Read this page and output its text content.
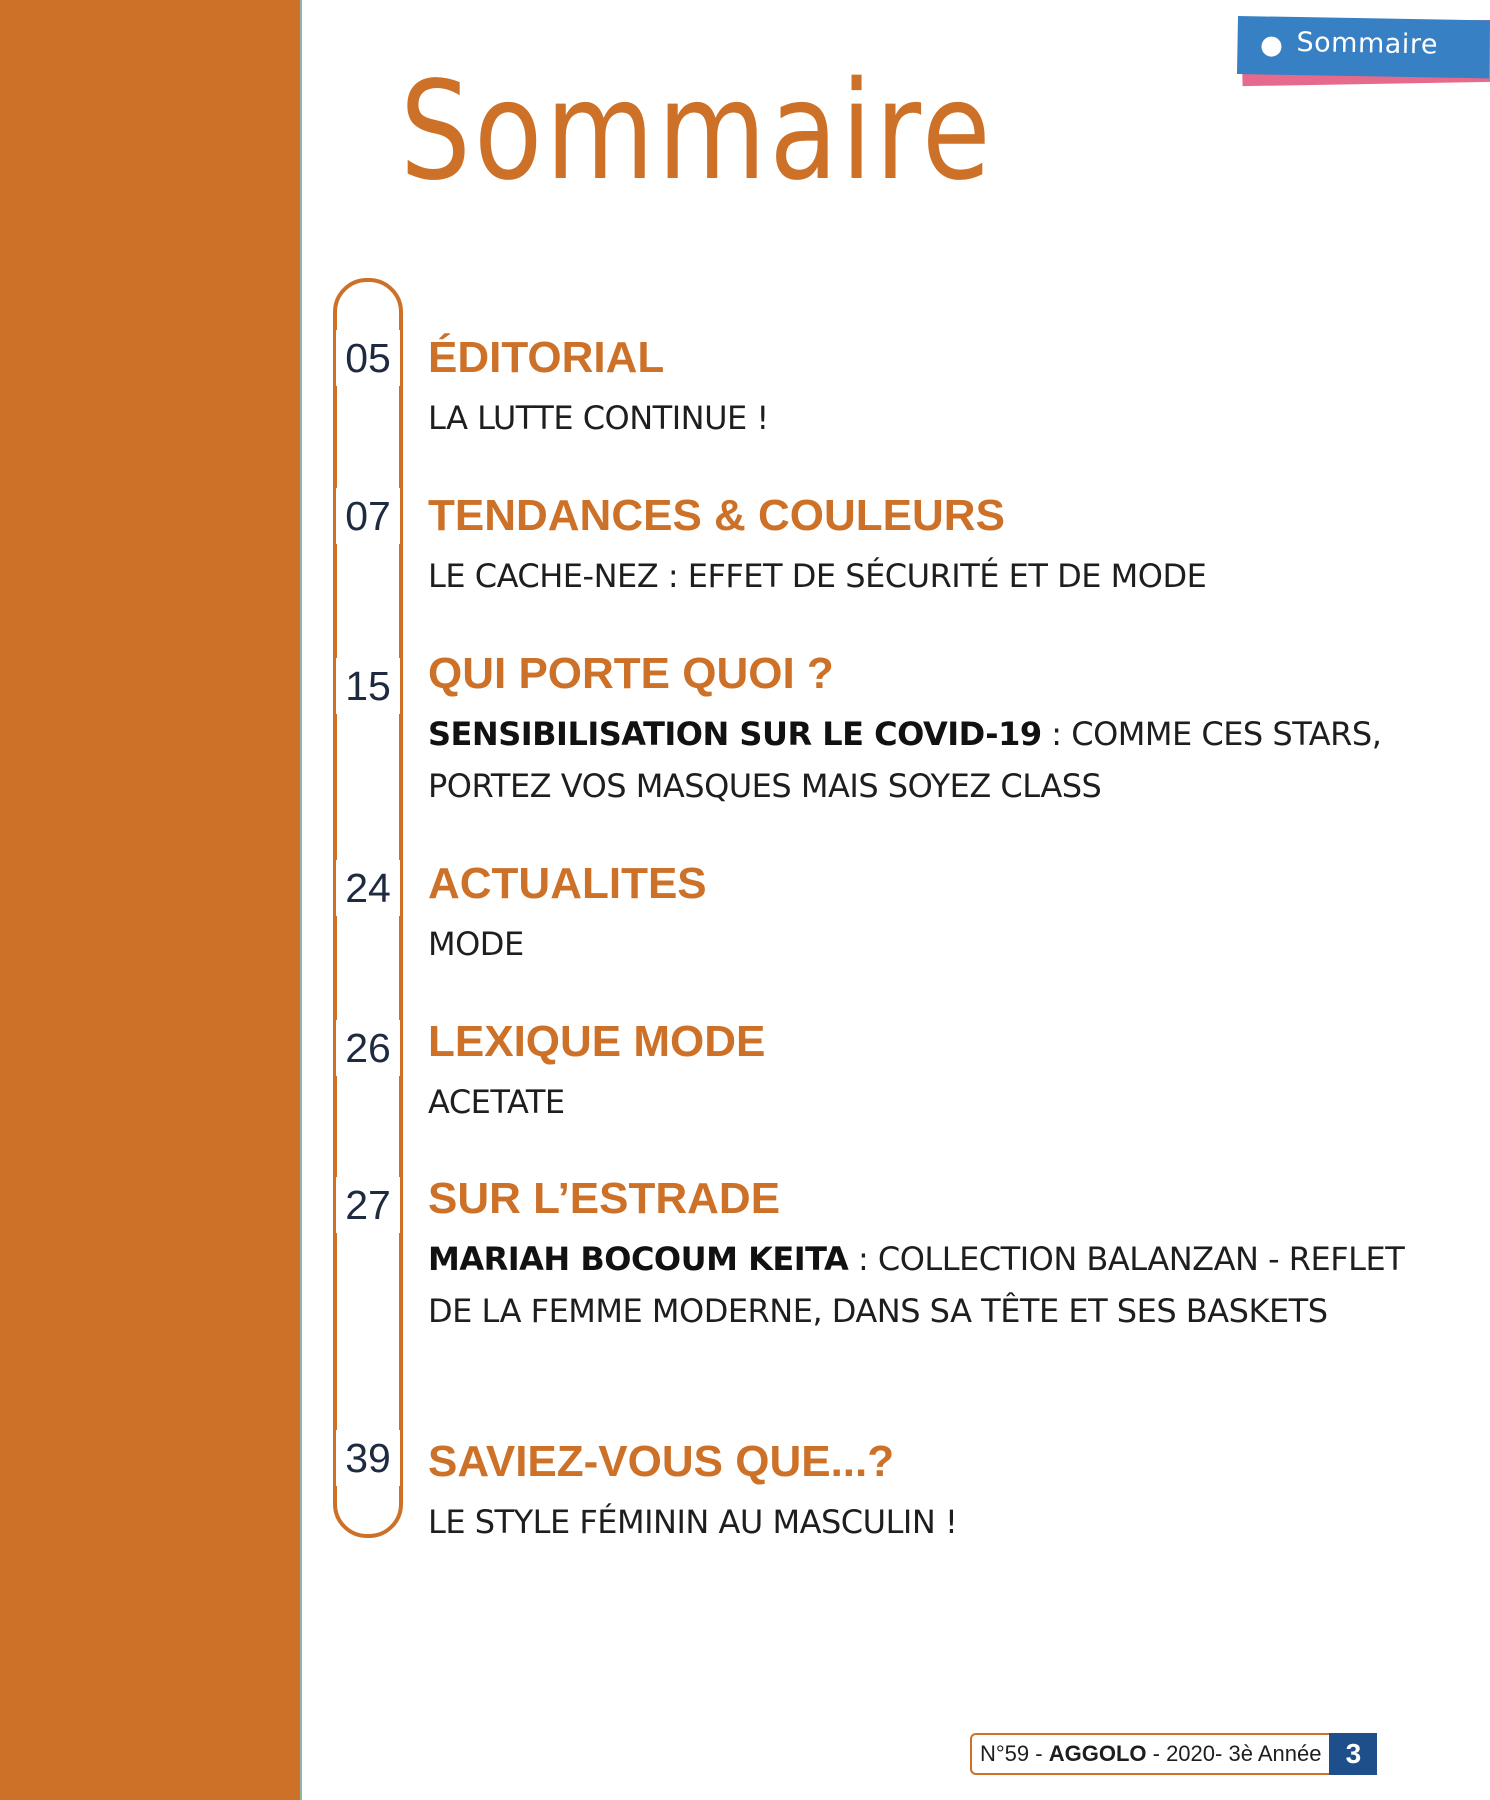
Sommaire
Sommaire
05 ÉDITORIAL

LA LUTTE CONTINUE !

07 TENDANCES & COULEURS

LE CACHE-NEZ : EFFET DE SÉCURITÉ ET DE MODE

15 QUI PORTE QUOI ?

SENSIBILISATION SUR LE COVID-19 : COMME CES STARS, PORTEZ VOS MASQUES MAIS SOYEZ CLASS

24 ACTUALITES

MODE

26 LEXIQUE MODE

ACETATE

27 SUR L’ESTRADE

MARIAH BOCOUM KEITA : COLLECTION BALANZAN - REFLET DE LA FEMME MODERNE, DANS SA TÊTE ET SES BASKETS

39 SAVIEZ-VOUS QUE...?

LE STYLE FÉMININ AU MASCULIN !

N°59 - AGGOLO - 2020- 3è Année 3
